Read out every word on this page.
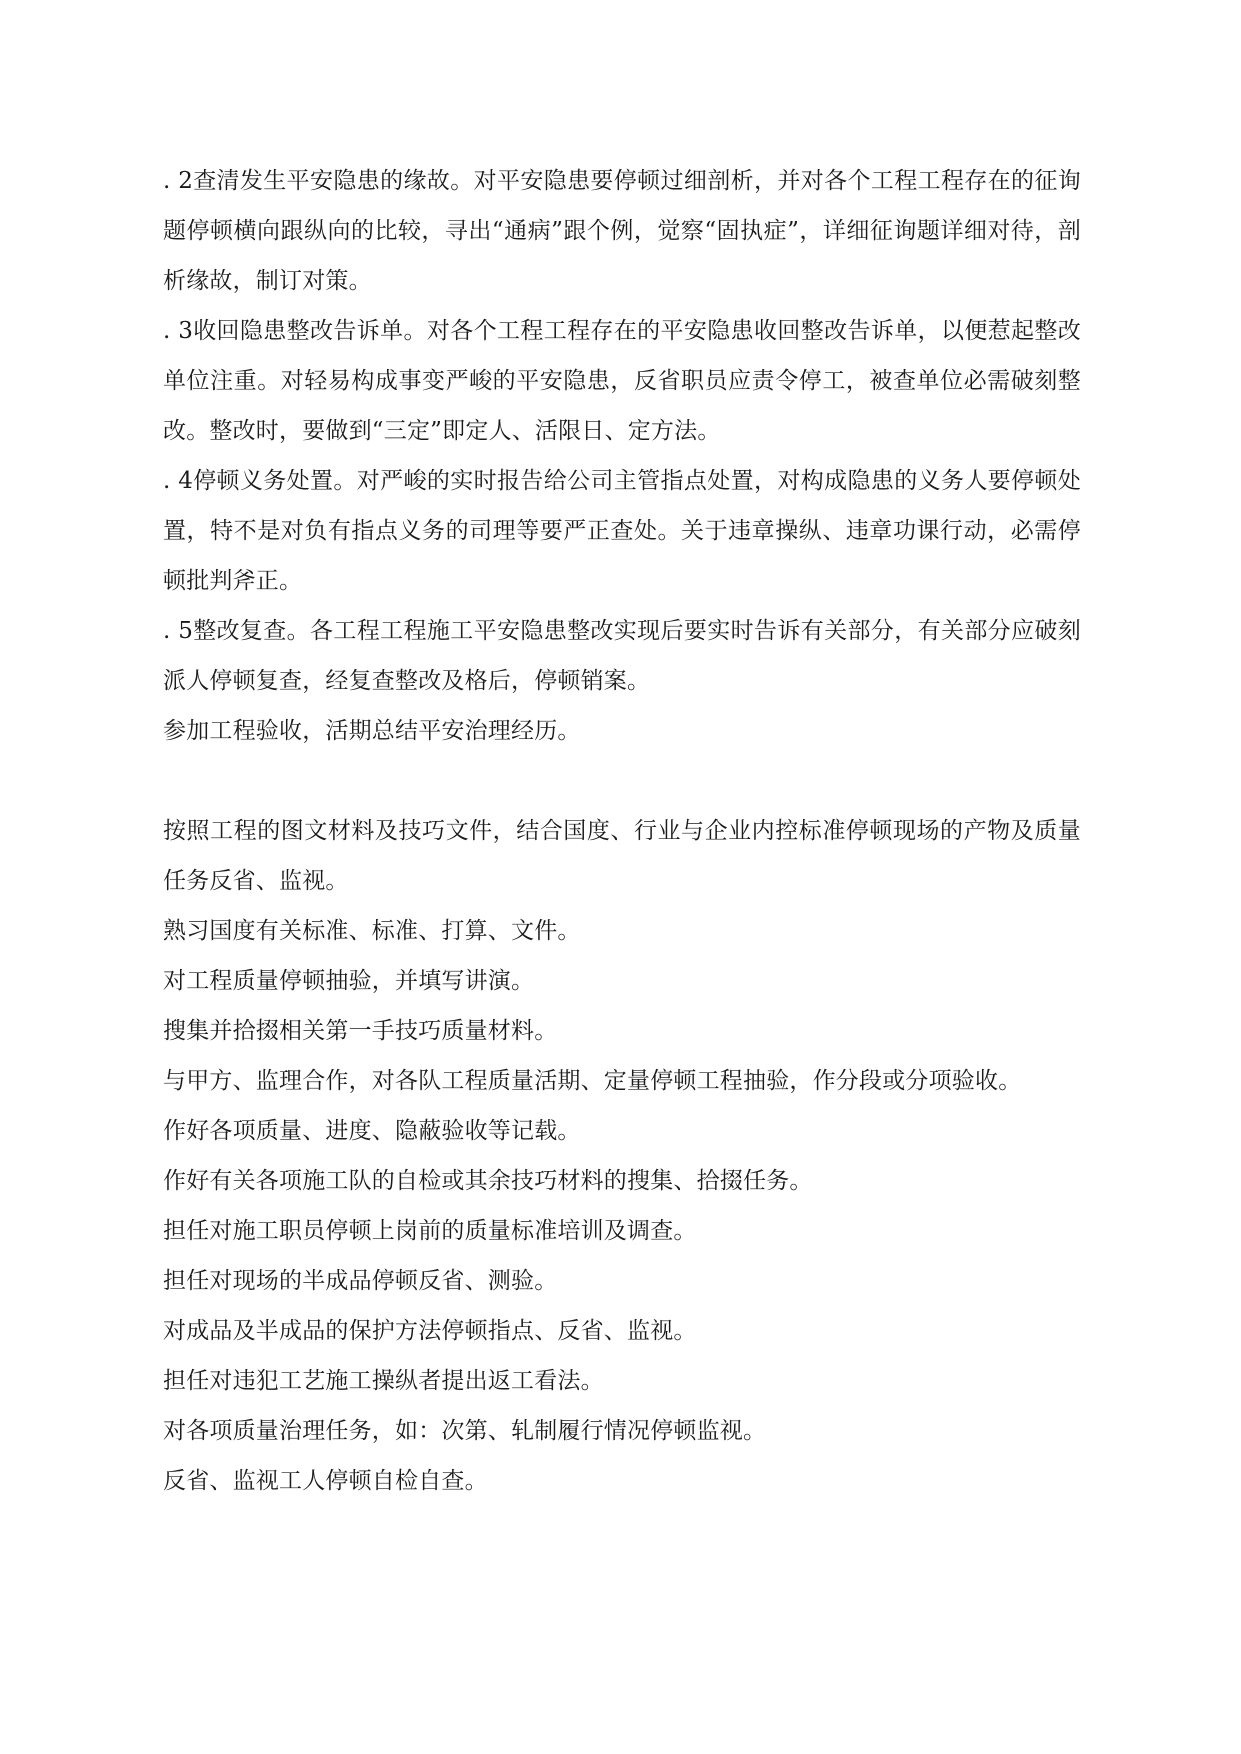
. 2查清发生平安隐患的缘故。对平安隐患要停顿过细剖析，并对各个工程工程存在的征询题停顿横向跟纵向的比较，寻出“通病”跟个例，觉察“固执症”，详细征询题详细对待，剖析缘故，制订对策。

. 3收回隐患整改告诉单。对各个工程工程存在的平安隐患收回整改告诉单，以便惹起整改单位注重。对轻易构成事变严峻的平安隐患，反省职员应责令停工，被查单位必需破刻整改。整改时，要做到“三定”即定人、活限日、定方法。

. 4停顿义务处置。对严峻的实时报告给公司主管指点处置，对构成隐患的义务人要停顿处置，特不是对负有指点义务的司理等要严正查处。关于违章操纵、违章功课行动，必需停顿批判斧正。

. 5整改复查。各工程工程施工平安隐患整改实现后要实时告诉有关部分，有关部分应破刻派人停顿复查，经复查整改及格后，停顿销案。

参加工程验收，活期总结平安治理经历。

按照工程的图文材料及技巧文件，结合国度、行业与企业内控标准停顿现场的产物及质量任务反省、监视。

熟习国度有关标准、标准、打算、文件。

对工程质量停顿抽验，并填写讲演。

搜集并拾掇相关第一手技巧质量材料。

与甲方、监理合作，对各队工程质量活期、定量停顿工程抽验，作分段或分项验收。

作好各项质量、进度、隐蔽验收等记载。

作好有关各项施工队的自检或其余技巧材料的搜集、拾掇任务。

担任对施工职员停顿上岗前的质量标准培训及调查。

担任对现场的半成品停顿反省、测验。

对成品及半成品的保护方法停顿指点、反省、监视。

担任对违犯工艺施工操纵者提出返工看法。

对各项质量治理任务，如：次第、轧制履行情况停顿监视。

反省、监视工人停顿自检自查。
